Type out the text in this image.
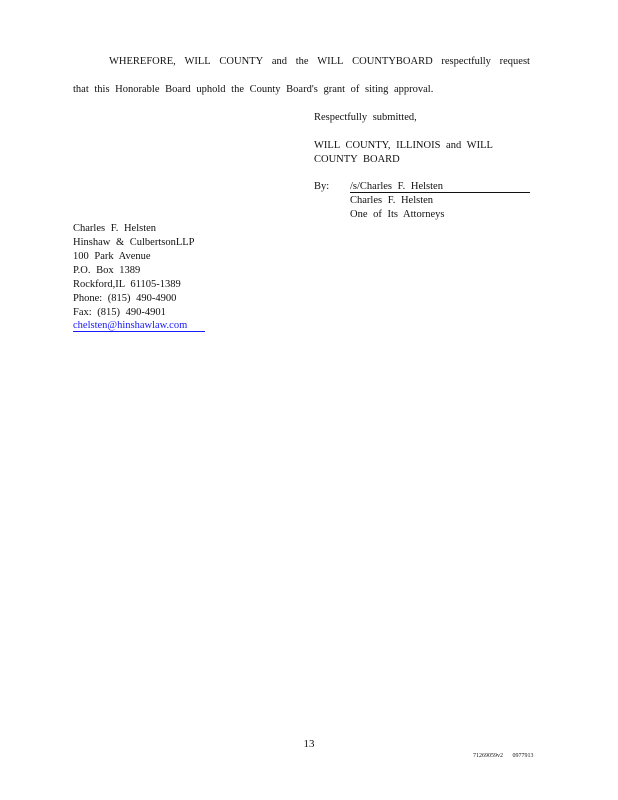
WHEREFORE, WILL COUNTY and the WILL COUNTYBOARD respectfully request
that this Honorable Board uphold the County Board's grant of siting approval.
Respectfully submitted,
WILL COUNTY, ILLINOIS and WILL
COUNTY BOARD
By: /s/Charles F. Helsten
Charles F. Helsten
One of Its Attorneys
Charles F. Helsten
Hinshaw & CulbertsonLLP
100 Park Avenue
P.O. Box 1389
Rockford,IL 61105-1389
Phone: (815) 490-4900
Fax: (815) 490-4901
chelsten@hinshawlaw.com
13
71269059v2 0977913
